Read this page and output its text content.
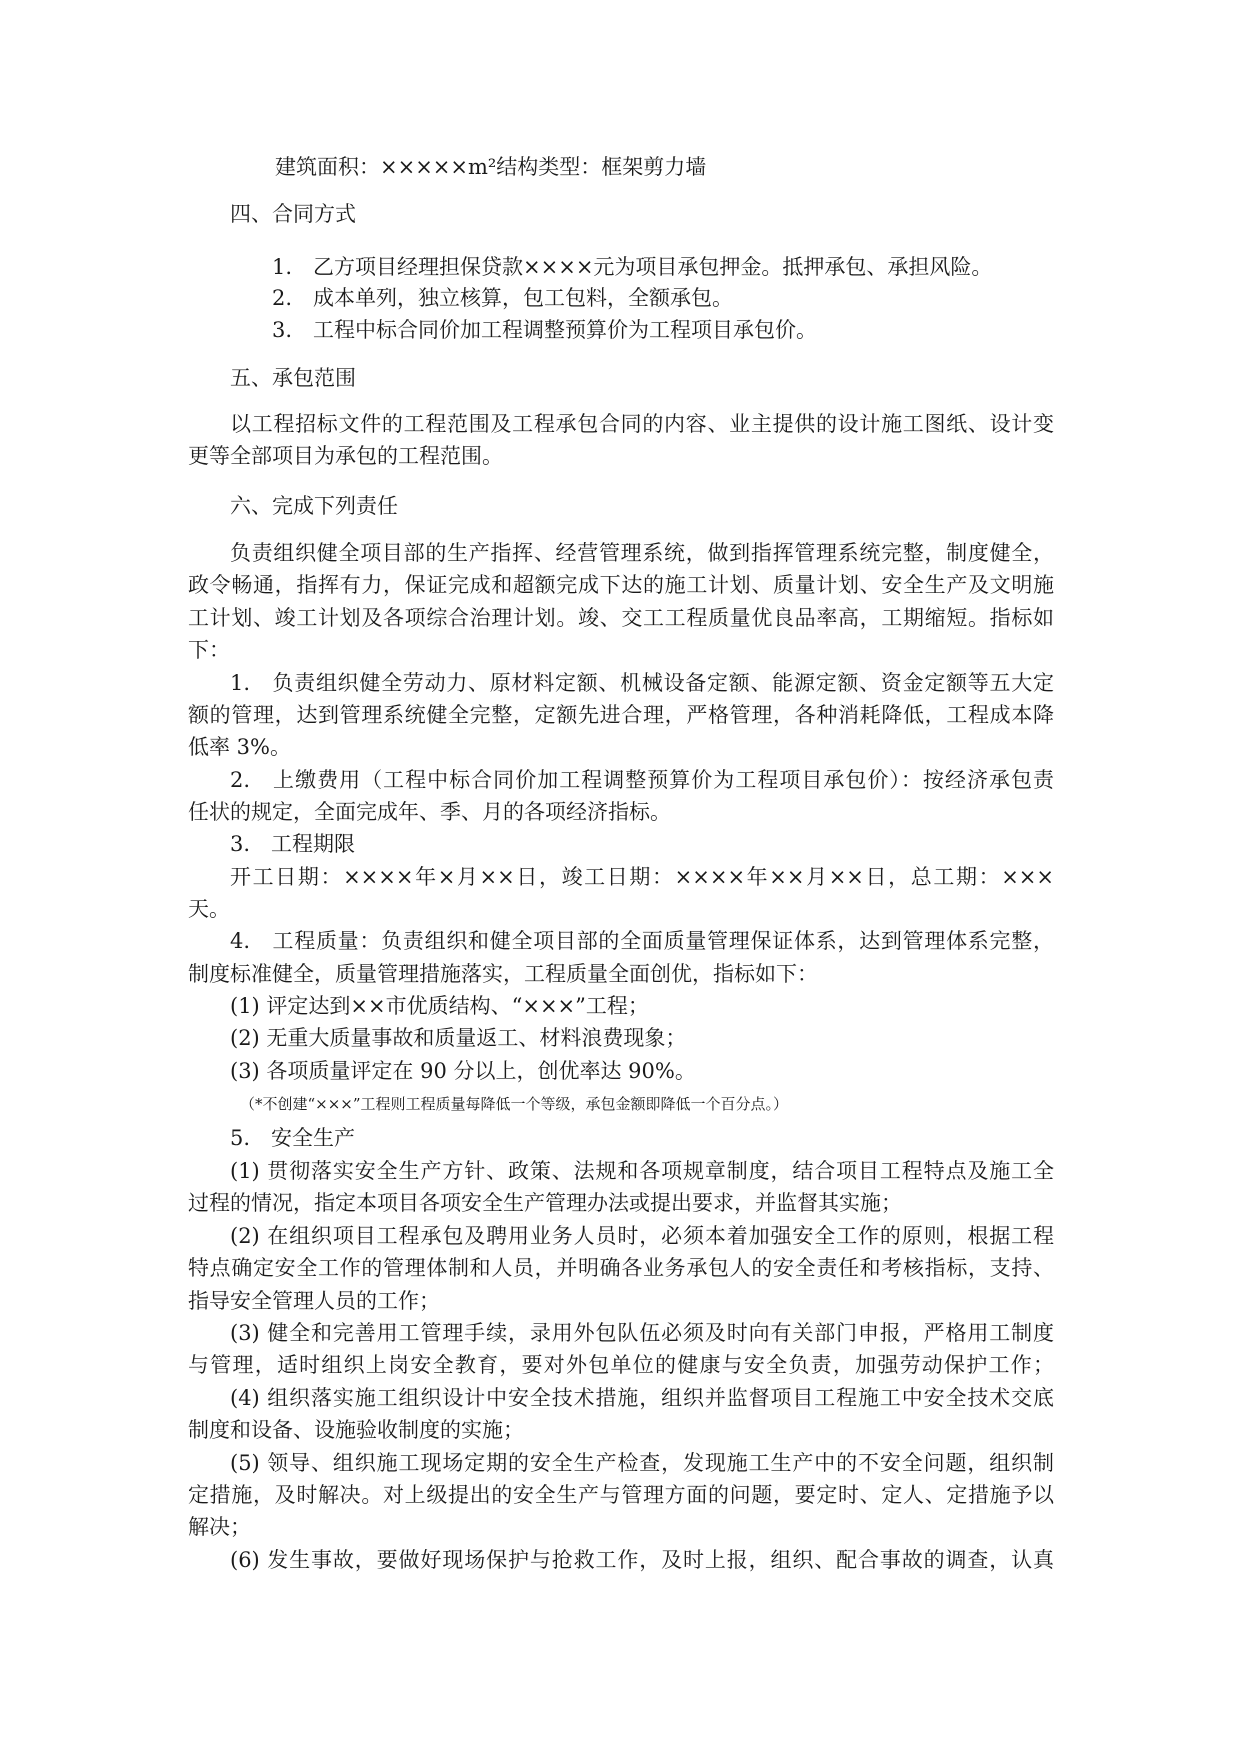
建筑面积：×××××m²结构类型：框架剪力墙
四、合同方式
1.　乙方项目经理担保贷款××××元为项目承包押金。抵押承包、承担风险。
2.　成本单列，独立核算，包工包料，全额承包。
3.　工程中标合同价加工程调整预算价为工程项目承包价。
五、承包范围
以工程招标文件的工程范围及工程承包合同的内容、业主提供的设计施工图纸、设计变
更等全部项目为承包的工程范围。
六、完成下列责任
负责组织健全项目部的生产指挥、经营管理系统，做到指挥管理系统完整，制度健全，
政令畅通，指挥有力，保证完成和超额完成下达的施工计划、质量计划、安全生产及文明施
工计划、竣工计划及各项综合治理计划。竣、交工工程质量优良品率高，工期缩短。指标如
下：
1.　负责组织健全劳动力、原材料定额、机械设备定额、能源定额、资金定额等五大定
额的管理，达到管理系统健全完整，定额先进合理，严格管理，各种消耗降低，工程成本降
低率 3%。
2.　上缴费用（工程中标合同价加工程调整预算价为工程项目承包价）：按经济承包责
任状的规定，全面完成年、季、月的各项经济指标。
3.　工程期限
开工日期：××××年×月××日，竣工日期：××××年××月××日，总工期：×××
天。
4.　工程质量：负责组织和健全项目部的全面质量管理保证体系，达到管理体系完整，
制度标准健全，质量管理措施落实，工程质量全面创优，指标如下：
(1) 评定达到××市优质结构、“×××”工程；
(2) 无重大质量事故和质量返工、材料浪费现象；
(3) 各项质量评定在 90 分以上，创优率达 90%。
（*不创建“×××”工程则工程质量每降低一个等级，承包金额即降低一个百分点。）
5.　安全生产
(1) 贯彻落实安全生产方针、政策、法规和各项规章制度，结合项目工程特点及施工全
过程的情况，指定本项目各项安全生产管理办法或提出要求，并监督其实施；
(2) 在组织项目工程承包及聘用业务人员时，必须本着加强安全工作的原则，根据工程
特点确定安全工作的管理体制和人员，并明确各业务承包人的安全责任和考核指标，支持、
指导安全管理人员的工作；
(3) 健全和完善用工管理手续，录用外包队伍必须及时向有关部门申报，严格用工制度
与管理，适时组织上岗安全教育，要对外包单位的健康与安全负责，加强劳动保护工作；
(4) 组织落实施工组织设计中安全技术措施，组织并监督项目工程施工中安全技术交底
制度和设备、设施验收制度的实施；
(5) 领导、组织施工现场定期的安全生产检查，发现施工生产中的不安全问题，组织制
定措施，及时解决。对上级提出的安全生产与管理方面的问题，要定时、定人、定措施予以
解决；
(6) 发生事故，要做好现场保护与抢救工作，及时上报，组织、配合事故的调查，认真
